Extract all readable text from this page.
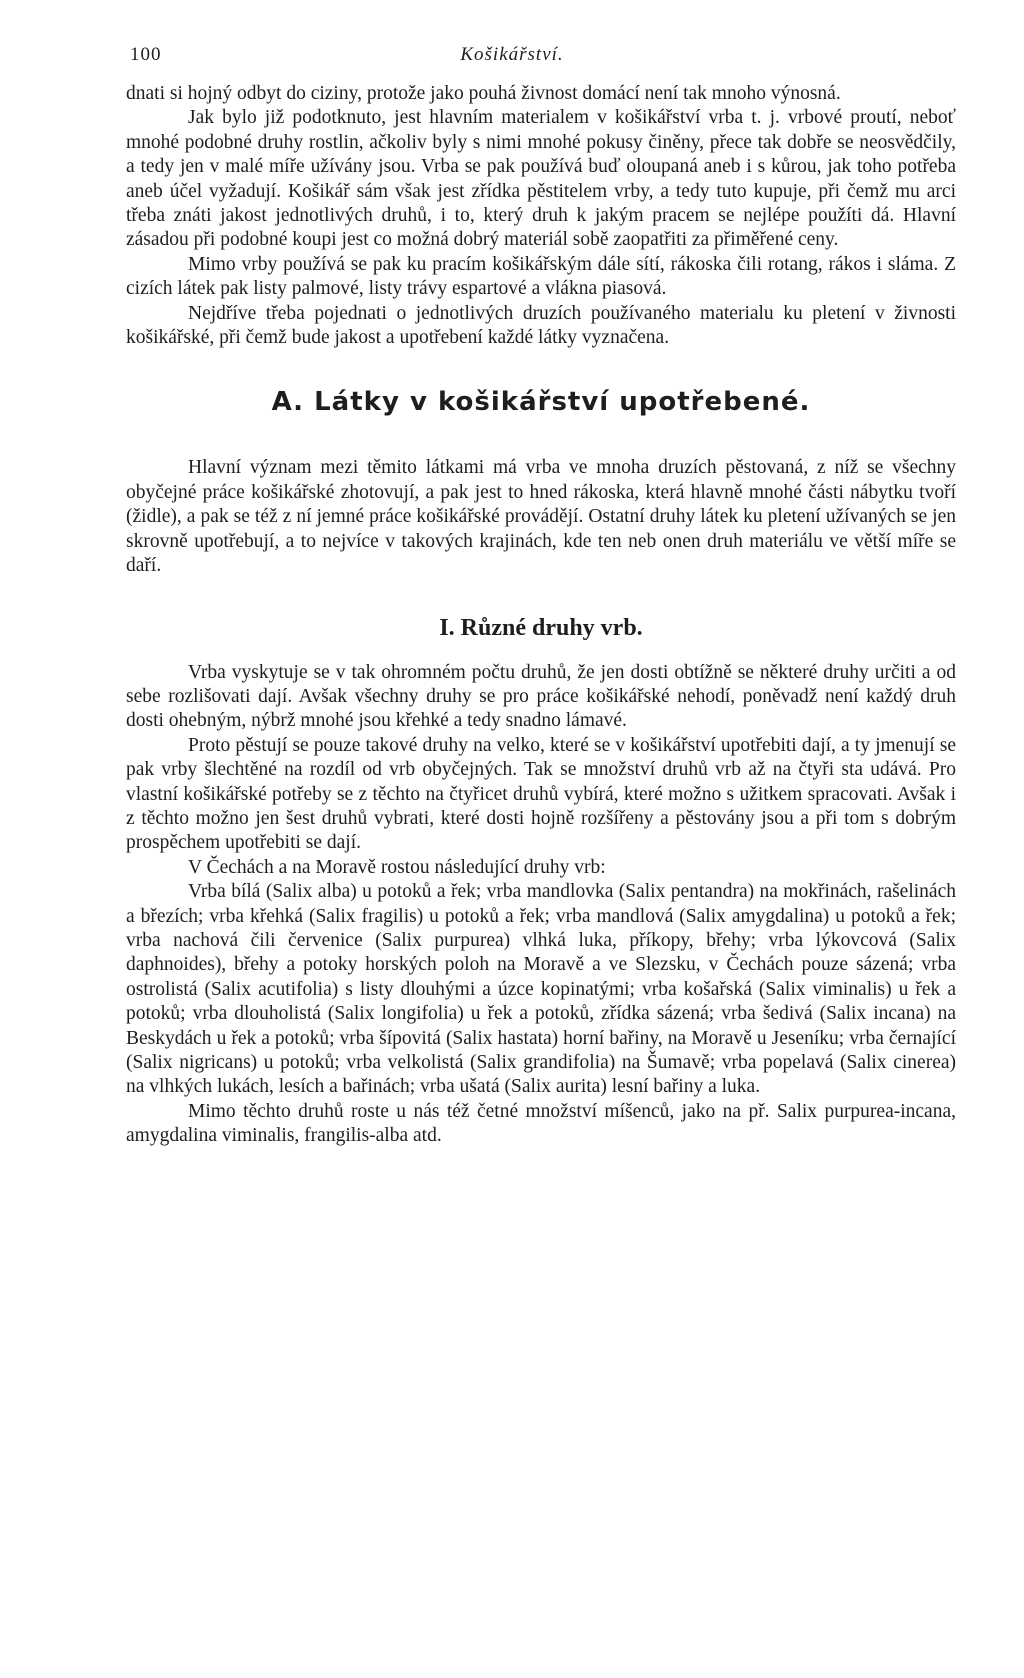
100	Košikářství.

dnati si hojný odbyt do ciziny, protože jako pouhá živnost domácí není tak mnoho výnosná.

Jak bylo již podotknuto, jest hlavním materialem v košikářství vrba t. j. vrbové proutí, neboť mnohé podobné druhy rostlin, ačkoliv byly s nimi mnohé pokusy činěny, přece tak dobře se neosvědčily, a tedy jen v malé míře užívány jsou. Vrba se pak používá buď oloupaná aneb i s kůrou, jak toho potřeba aneb účel vyžadují. Košikář sám však jest zřídka pěstitelem vrby, a tedy tuto kupuje, při čemž mu arci třeba znáti jakost jednotlivých druhů, i to, který druh k jakým pracem se nejlépe použíti dá. Hlavní zásadou při podobné koupi jest co možná dobrý materiál sobě zaopatřiti za přiměřené ceny.

Mimo vrby používá se pak ku pracím košikářským dále sítí, rákoska čili rotang, rákos i sláma. Z cizích látek pak listy palmové, listy trávy espartové a vlákna piasová.

Nejdříve třeba pojednati o jednotlivých druzích používaného materialu ku pletení v živnosti košikářské, při čemž bude jakost a upotřebení každé látky vyznačena.

A. Látky v košikářství upotřebené.

Hlavní význam mezi těmito látkami má vrba ve mnoha druzích pěstovaná, z níž se všechny obyčejné práce košikářské zhotovují, a pak jest to hned rákoska, která hlavně mnohé části nábytku tvoří (židle), a pak se též z ní jemné práce košikářské provádějí. Ostatní druhy látek ku pletení užívaných se jen skrovně upotřebují, a to nejvíce v takových krajinách, kde ten neb onen druh materiálu ve větší míře se daří.

I. Různé druhy vrb.

Vrba vyskytuje se v tak ohromném počtu druhů, že jen dosti obtížně se některé druhy určiti a od sebe rozlišovati dají. Avšak všechny druhy se pro práce košikářské nehodí, poněvadž není každý druh dosti ohebným, nýbrž mnohé jsou křehké a tedy snadno lámavé.

Proto pěstují se pouze takové druhy na velko, které se v košikářství upotřebiti dají, a ty jmenují se pak vrby šlechtěné na rozdíl od vrb obyčejných. Tak se množství druhů vrb až na čtyři sta udává. Pro vlastní košikářské potřeby se z těchto na čtyřicet druhů vybírá, které možno s užitkem spracovati. Avšak i z těchto možno jen šest druhů vybrati, které dosti hojně rozšířeny a pěstovány jsou a při tom s dobrým prospěchem upotřebiti se dají.

V Čechách a na Moravě rostou následující druhy vrb:

Vrba bílá (Salix alba) u potoků a řek; vrba mandlovka (Salix pentandra) na mokřinách, rašelinách a březích; vrba křehká (Salix fragilis) u potoků a řek; vrba mandlová (Salix amygdalina) u potoků a řek; vrba nachová čili červenice (Salix purpurea) vlhká luka, příkopy, břehy; vrba lýkovcová (Salix daphnoides), břehy a potoky horských poloh na Moravě a ve Slezsku, v Čechách pouze sázená; vrba ostrolistá (Salix acutifolia) s listy dlouhými a úzce kopinatými; vrba košařská (Salix viminalis) u řek a potoků; vrba dlouholistá (Salix longifolia) u řek a potoků, zřídka sázená; vrba šedivá (Salix incana) na Beskydách u řek a potoků; vrba šípovitá (Salix hastata) horní bařiny, na Moravě u Jeseníku; vrba černající (Salix nigricans) u potoků; vrba velkolistá (Salix grandifolia) na Šumavě; vrba popelavá (Salix cinerea) na vlhkých lukách, lesích a bařinách; vrba ušatá (Salix aurita) lesní bařiny a luka.

Mimo těchto druhů roste u nás též četné množství míšenců, jako na př. Salix purpurea-incana, amygdalina viminalis, frangilis-alba atd.
